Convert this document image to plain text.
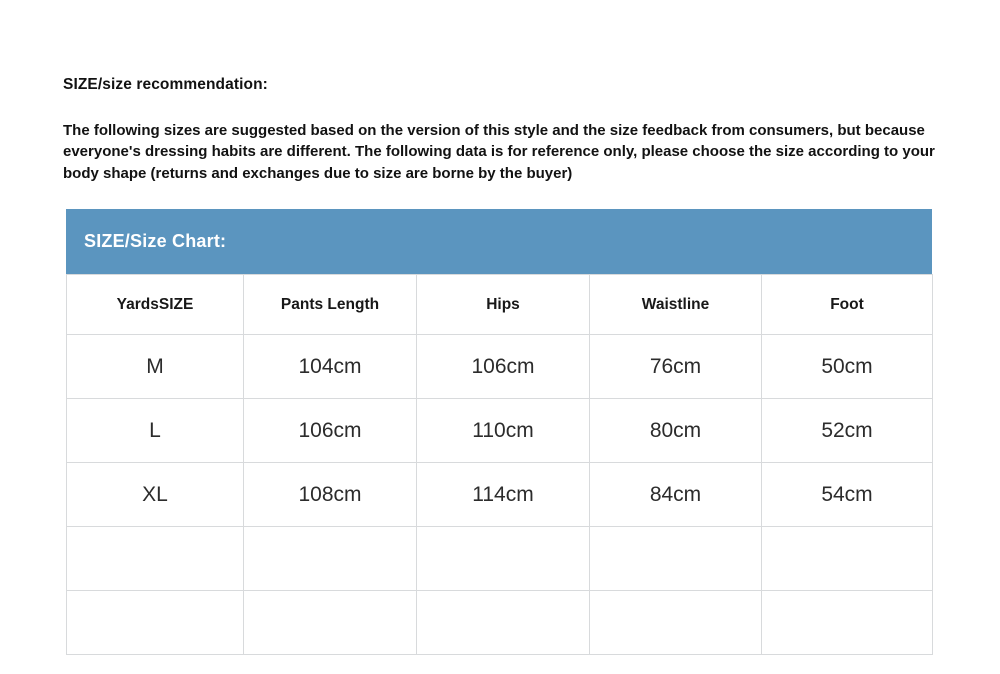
SIZE/size recommendation:
The following sizes are suggested based on the version of this style and the size feedback from consumers, but because everyone's dressing habits are different. The following data is for reference only, please choose the size according to your body shape (returns and exchanges due to size are borne by the buyer)
SIZE/Size Chart:
YardsSIZE	Pants Length	Hips	Waistline	Foot
M	104cm	106cm	76cm	50cm
L	106cm	110cm	80cm	52cm
XL	108cm	114cm	84cm	54cm
